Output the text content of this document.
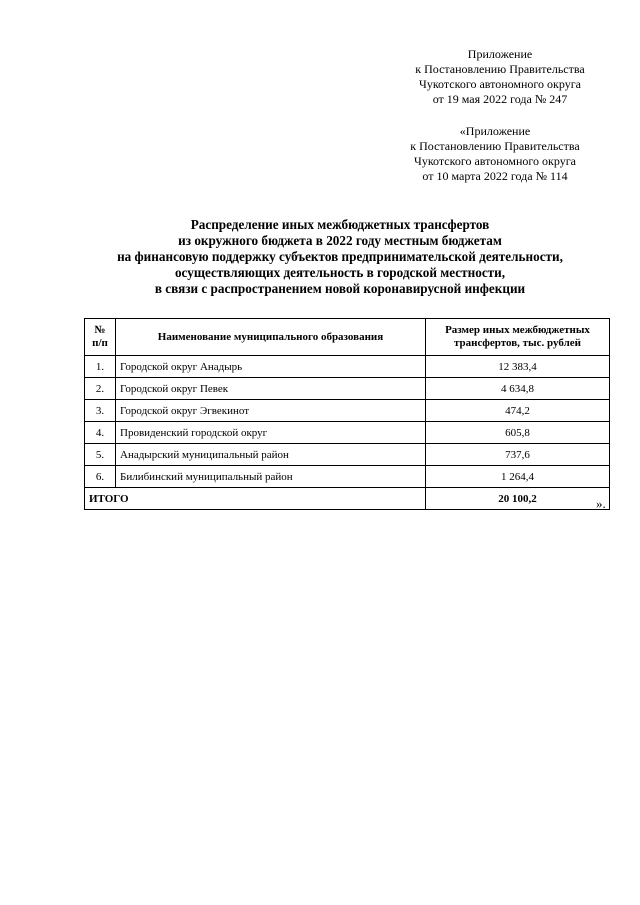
Приложение
к Постановлению Правительства
Чукотского автономного округа
от 19 мая 2022 года № 247
«Приложение
к Постановлению Правительства
Чукотского автономного округа
от 10 марта 2022 года № 114
Распределение иных межбюджетных трансфертов
из окружного бюджета в 2022 году местным бюджетам
на финансовую поддержку субъектов предпринимательской деятельности,
осуществляющих деятельность в городской местности,
в связи с распространением новой коронавирусной инфекции
№
п/п	Наименование муниципального образования	Размер иных межбюджетных
трансфертов, тыс. рублей
1.	Городской округ Анадырь	12 383,4
2.	Городской округ Певек	4 634,8
3.	Городской округ Эгвекинот	474,2
4.	Провиденский городской округ	605,8
5.	Анадырский муниципальный район	737,6
6.	Билибинский муниципальный район	1 264,4
ИТОГО		20 100,2	».
